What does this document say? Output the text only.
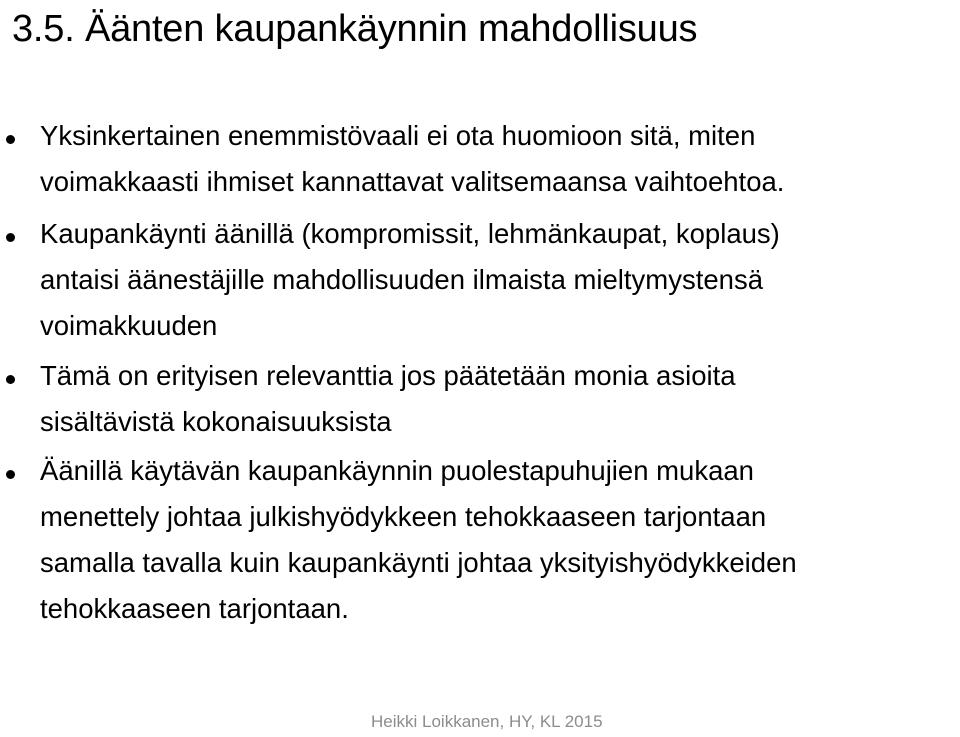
3.5. Äänten kaupankäynnin mahdollisuus

Yksinkertainen enemmistövaali ei ota huomioon sitä, miten
voimakkaasti ihmiset kannattavat valitsemaansa vaihtoehtoa.

Kaupankäynti äänillä (kompromissit, lehmänkaupat, koplaus)
antaisi äänestäjille mahdollisuuden ilmaista mieltymystensä
voimakkuuden

Tämä on erityisen relevanttia jos päätetään monia asioita
sisältävistä kokonaisuuksista

Äänillä käytävän kaupankäynnin puolestapuhujien mukaan
menettely johtaa julkishyödykkeen tehokkaaseen tarjontaan
samalla tavalla kuin kaupankäynti johtaa yksityishyödykkeiden
tehokkaaseen tarjontaan.

Heikki Loikkanen, HY, KL 2015
